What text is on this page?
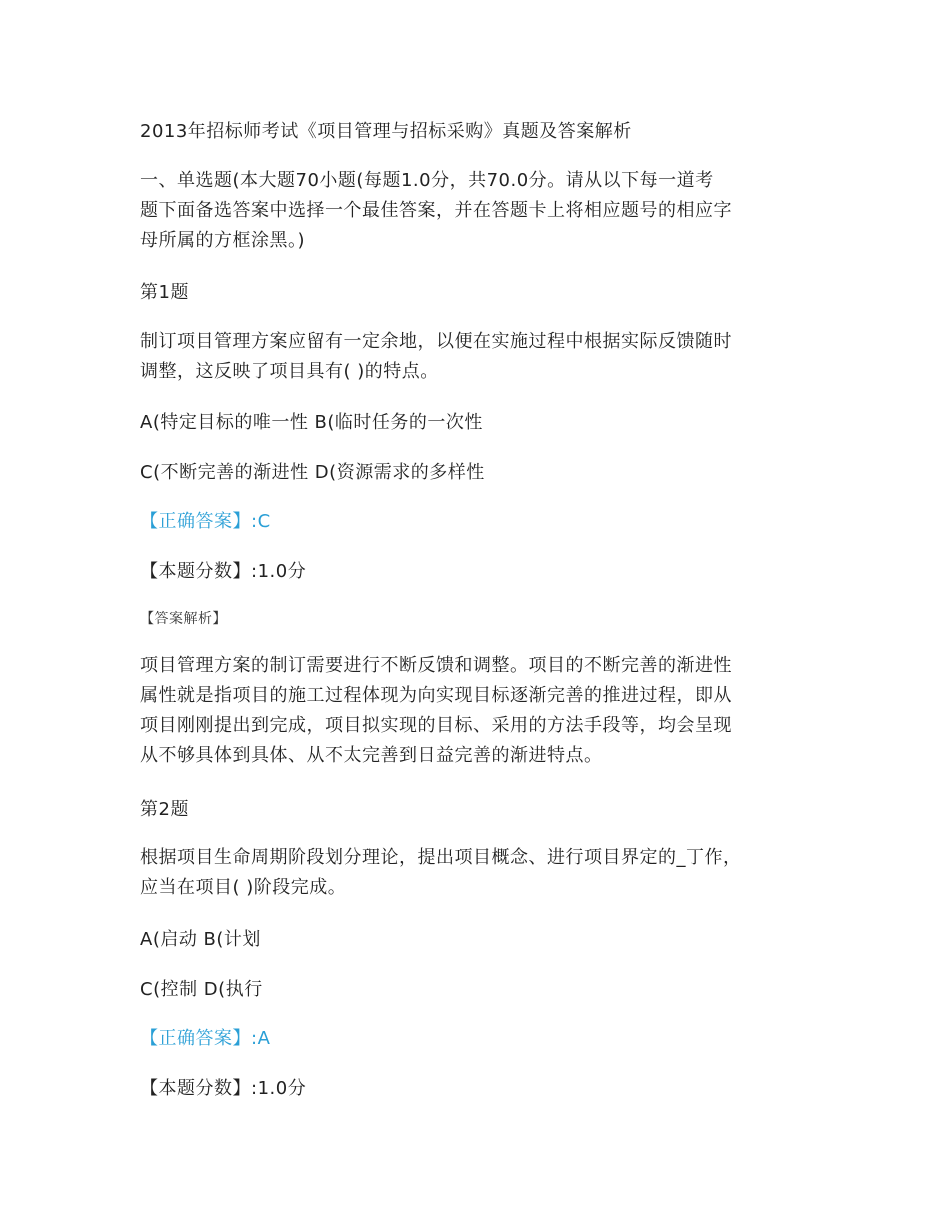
2013年招标师考试《项目管理与招标采购》真题及答案解析
一、单选题(本大题70小题(每题1.0分，共70.0分。请从以下每一道考
题下面备选答案中选择一个最佳答案，并在答题卡上将相应题号的相应字
母所属的方框涂黑。)
第1题
制订项目管理方案应留有一定余地，以便在实施过程中根据实际反馈随时
调整，这反映了项目具有( )的特点。
A(特定目标的唯一性 B(临时任务的一次性
C(不断完善的渐进性 D(资源需求的多样性
【正确答案】:C
【本题分数】:1.0分
【答案解析】
项目管理方案的制订需要进行不断反馈和调整。项目的不断完善的渐进性
属性就是指项目的施工过程体现为向实现目标逐渐完善的推进过程，即从
项目刚刚提出到完成，项目拟实现的目标、采用的方法手段等，均会呈现
从不够具体到具体、从不太完善到日益完善的渐进特点。
第2题
根据项目生命周期阶段划分理论，提出项目概念、进行项目界定的_丁作，
应当在项目( )阶段完成。
A(启动 B(计划
C(控制 D(执行
【正确答案】:A
【本题分数】:1.0分
